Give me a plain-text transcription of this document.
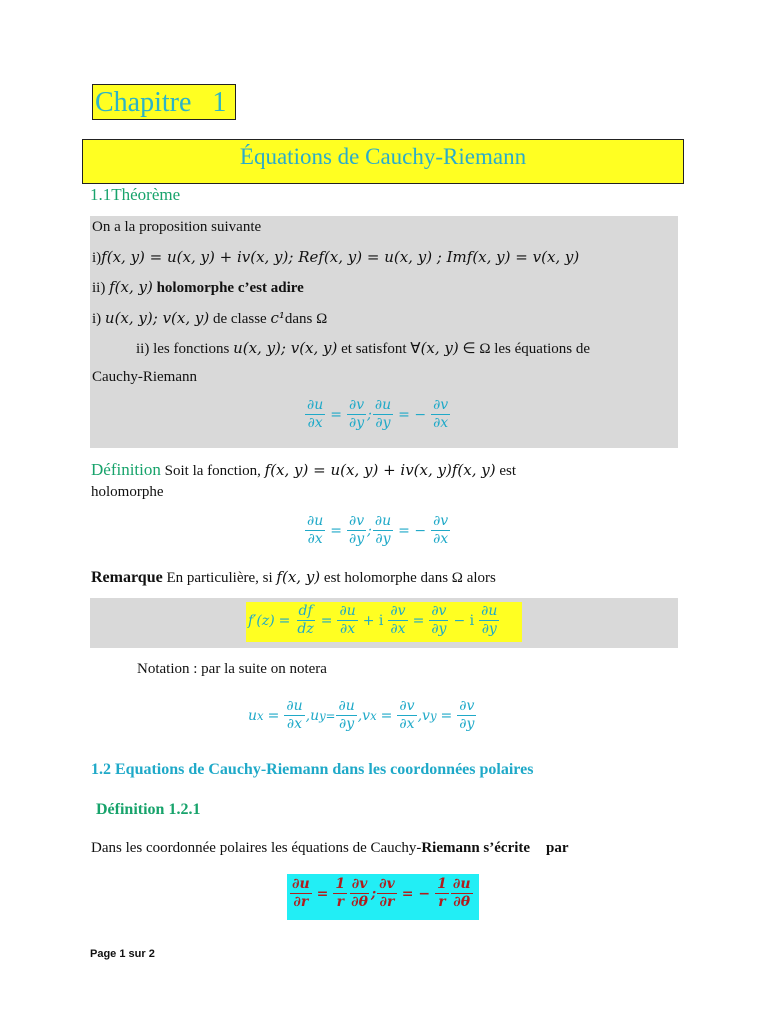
Chapitre   1
Équations de Cauchy-Riemann
1.1Théorème
On a la proposition suivante
i)f(x, y) = u(x, y) + iv(x, y); Ref(x, y) = u(x, y) ; Imf(x, y) = v(x, y)
ii) f(x, y) holomorphe c’est adire
i) u(x, y); v(x, y) de classe c¹dans Ω
ii) les fonctions u(x, y); v(x, y) et satisfont ∀(x, y) ∈ Ω les équations de
Cauchy-Riemann
$\frac{\partial u}{\partial x} = \frac{\partial v}{\partial y}$ ; $\frac{\partial u}{\partial y}$ = − $\frac{\partial v}{\partial x}$
Définition Soit la fonction, f(x, y) = u(x, y) + iv(x, y)f(x, y) est
holomorphe
$\frac{\partial u}{\partial x} = \frac{\partial v}{\partial y}$ ; $\frac{\partial u}{\partial y}$ = − $\frac{\partial v}{\partial x}$
Remarque En particulière, si f(x, y) est holomorphe dans Ω alors
$f'(z) = \frac{df}{dz} = \frac{\partial u}{\partial x} + i \frac{\partial v}{\partial x} = \frac{\partial v}{\partial y} - i \frac{\partial u}{\partial y}$
Notation : par la suite on notera
u $x = \frac{\partial u}{\partial x}$ , u $y= \frac{\partial u}{\partial y}$ , v $x = \frac{\partial v}{\partial x}$ , v $y = \frac{\partial v}{\partial y}$
1.2 Equations de Cauchy-Riemann dans les coordonnées polaires
Définition 1.2.1
Dans les coordonnée polaires les équations de Cauchy-Riemann s’écrite par
$\frac{\partial u}{\partial r} = \frac{1}{r} \frac{\partial v}{\partial\theta}$ ; $\frac{\partial v}{\partial r}$ = − $\frac{1}{r} \frac{\partial u}{\partial\theta}$
Page 1 sur 2
